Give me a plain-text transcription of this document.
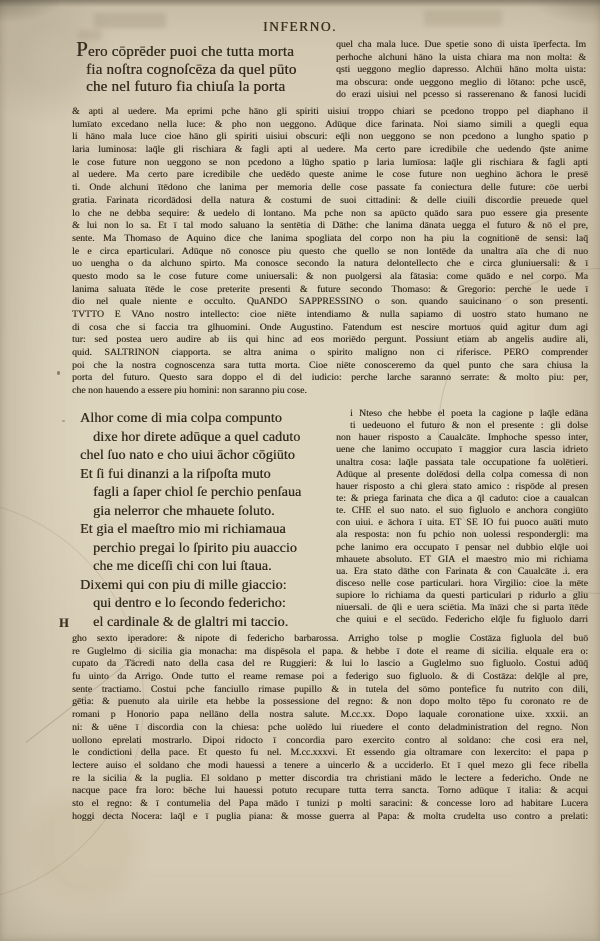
INFERNO.
Pero cōprēder puoi che tutta morta
fia noſtra cognoſcēza da quel pūto
che nel futuro fia chiuſa la porta
quel cha mala luce. Due spetie sono di uista īperfecta. Im
perhoche alchuni hāno la uista chiara ma non molta: &
qsti ueggono meglio dapresso. Alchūi hāno molta uista:
ma obscura: onde ueggono meglio di lōtano: pche uscē,
do erazi uisiui nel pcesso si rasserenano & fanosi lucidi
& apti al uedere. Ma eprimi pche hāno gli spiriti uisiui troppo chiari se pcedono troppo pel diaphano il
lumīato excedano nella luce: & pho non ueggono. Adūque dice farinata. Noi siamo simili a quegli equa
li hāno mala luce cioe hāno gli spiriti uisiui obscuri: eq̄li non ueggono se non pcedono a lungho spatio p
laria luminosa: laq̄le gli rischiara & fagli apti al uedere. Ma certo pare icredibile che uedendo q̄ste anime
le cose future non ueggono se non pcedono a lūgho spatio p laria lumīosa: laq̄le gli rischiara & fagli apti
al uedere. Ma certo pare icredibile che uedēdo queste anime le cose future non ueghino āchora le presē
ti. Onde alchuni ītēdono che lanima per memoria delle cose passate fa coniectura delle future: cōe uerbi
gratia. Farinata ricordādosi della natura & costumi de suoi cittadini: & delle ciuili discordie preuede quel
lo che ne debba sequire: & uedelo di lontano. Ma pche non sa apūcto quādo sara puo essere gia presente
& lui non lo sa. Et ī tal modo saluano la sentētia di Dāthe: che lanima dānata uegga el futuro & nō el pre,
sente. Ma Thomaso de Aquino dice che lanima spogliata del corpo non ha piu la cognitionē de sensi: laq̄
le e circa eparticulari. Adūque nō conosce piu questo che quello se non lontēde da unaltra aīa che di nuo
uo uengha o da alchuno spirto. Ma conosce secondo la natura delontellecto che e circa gluniuersali: & ī
questo modo sa le cose future come uniuersali: & non puolgersi ala fātasia: come quādo e nel corpo. Ma
lanima saluata ītēde le cose preterite presenti & future secondo Thomaso: & Gregorio: perche le uede ī
dio nel quale niente e occulto. QuANDO SAPPRESSINO o son. quando sauicinano o son presenti.
TVTTO E VAno nostro intellecto: cioe niēte intendiamo & nulla sapiamo di uostro stato humano ne
di cosa che si faccia tra glhuomini. Onde Augustino. Fatendum est nescire mortuos quid agitur dum agi
tur: sed postea uero audire ab iis qui hinc ad eos moriēdo pergunt. Possiunt etiam ab angelis audire ali,
quid. SALTRINON ciapporta. se altra anima o spirito maligno non ci riferisce. PERO comprender
poi che la nostra cognoscenza sara tutta morta. Cioe niēte conosceremo da quel punto che sara chiusa la
porta del futuro. Questo sara doppo el di del iudicio: perche larche saranno serrate: & molto piu: per,
che non hauendo a essere piu homini: non saranno piu cose.
Alhor come di mia colpa compunto
dixe hor direte adūque a quel caduto
chel ſuo nato e cho uiui āchor cōgiūto
Et ſi fui dinanzi a la riſpoſta muto
fagli a ſaper chiol ſe perchio penſaua
gia nelerror che mhauete ſoluto.
Et gia el maeſtro mio mi richiamaua
perchio pregai lo ſpirito piu auaccio
che me diceſſi chi con lui ſtaua.
Dixemi qui con piu di mille giaccio:
qui dentro e lo ſecondo federicho:
el cardinale & de glaltri mi taccio.
i Nteso che hebbe el poeta la cagione p laq̄le edāna
ti uedeuono el futuro & non el presente : gli dolse
non hauer risposto a Caualcāte. Imphoche spesso inter,
uene che lanimo occupato ī maggior cura lascia idrieto
unaltra cosa: laq̄le passata tale occupatione fa uolētieri.
Adūque al presente dolēdosi della colpa comessa di non
hauer risposto a chi glera stato amico : rispōde al presen
te: & priega farinata che dica a q̄l caduto: cioe a caualcan
te. CHE el suo nato. el suo figluolo e anchora congiūto
con uiui. e āchora ī uita. ET SE IO fui puoco auāti muto
ala resposta: non fu pchio non uolessi respondergli: ma
pche lanimo era occupato ī pensar nel dubbio elq̄le uoi
mhauete absoluto. ET GIA el maestro mio mi richiama
ua. Era stato dāthe con Farinata & con Caualcāte .i. era
disceso nelle cose particulari. hora Virgilio: cioe la mēte
supiore lo richiama da questi particulari p ridurlo a gliu
niuersali. de q̄li e uera sciētia. Ma īnāzi che si parta ītēde
che quiui e el secūdo. Federicho elq̄le fu figluolo darri
H
gho sexto iperadore: & nipote di federicho barbarossa. Arrigho tolse p moglie Costāza figluola del buō
re Guglelmo di sicilia gia monacha: ma dispēsola el papa. & hebbe ī dote el reame di sicilia. elquale era o:
cupato da Tācredi nato della casa del re Ruggieri: & lui lo lascio a Guglelmo suo figluolo. Costui adūq̄
fu uinto da Arrigo. Onde tutto el reame remase poi a federigo suo figluolo. & di Costāza: delq̄le al pre,
sente tractiamo. Costui pche fanciullo rimase pupillo & in tutela del sōmo pontefice fu nutrito con dili,
gētia: & puenuto ala uirile eta hebbe la possessione del regno: & non dopo molto tēpo fu coronato re de
romani p Honorio papa nellāno della nostra salute. M.cc.xx. Dopo laquale coronatione uixe. xxxii. an
ni: & uēne ī discordia con la chiesa: pche uolēdo lui riuedere el conto deladministration del regno. Non
uollono eprelati mostrarlo. Dipoi ridocto ī concordia paro exercito contro al soldano: che cosi era nel,
le condictioni della pace. Et questo fu nel. M.cc.xxxvi. Et essendo gia oltramare con lexercito: el papa p
lectere auiso el soldano che modi hauessi a tenere a uincerlo & a ucciderlo. Et ī quel mezo gli fece ribella
re la sicilia & la puglia. El soldano p metter discordia tra christiani mādo le lectere a federicho. Onde ne
nacque pace fra loro: bēche lui hauessi potuto recupare tutta terra sancta. Torno adūque ī italia: & acqui
sto el regno: & ī contumelia del Papa mādo ī tunizi p molti saracini: & concesse loro ad habitare Lucera
hoggi decta Nocera: laq̄l e ī puglia piana: & mosse guerra al Papa: & molta crudelta uso contro a prelati:
